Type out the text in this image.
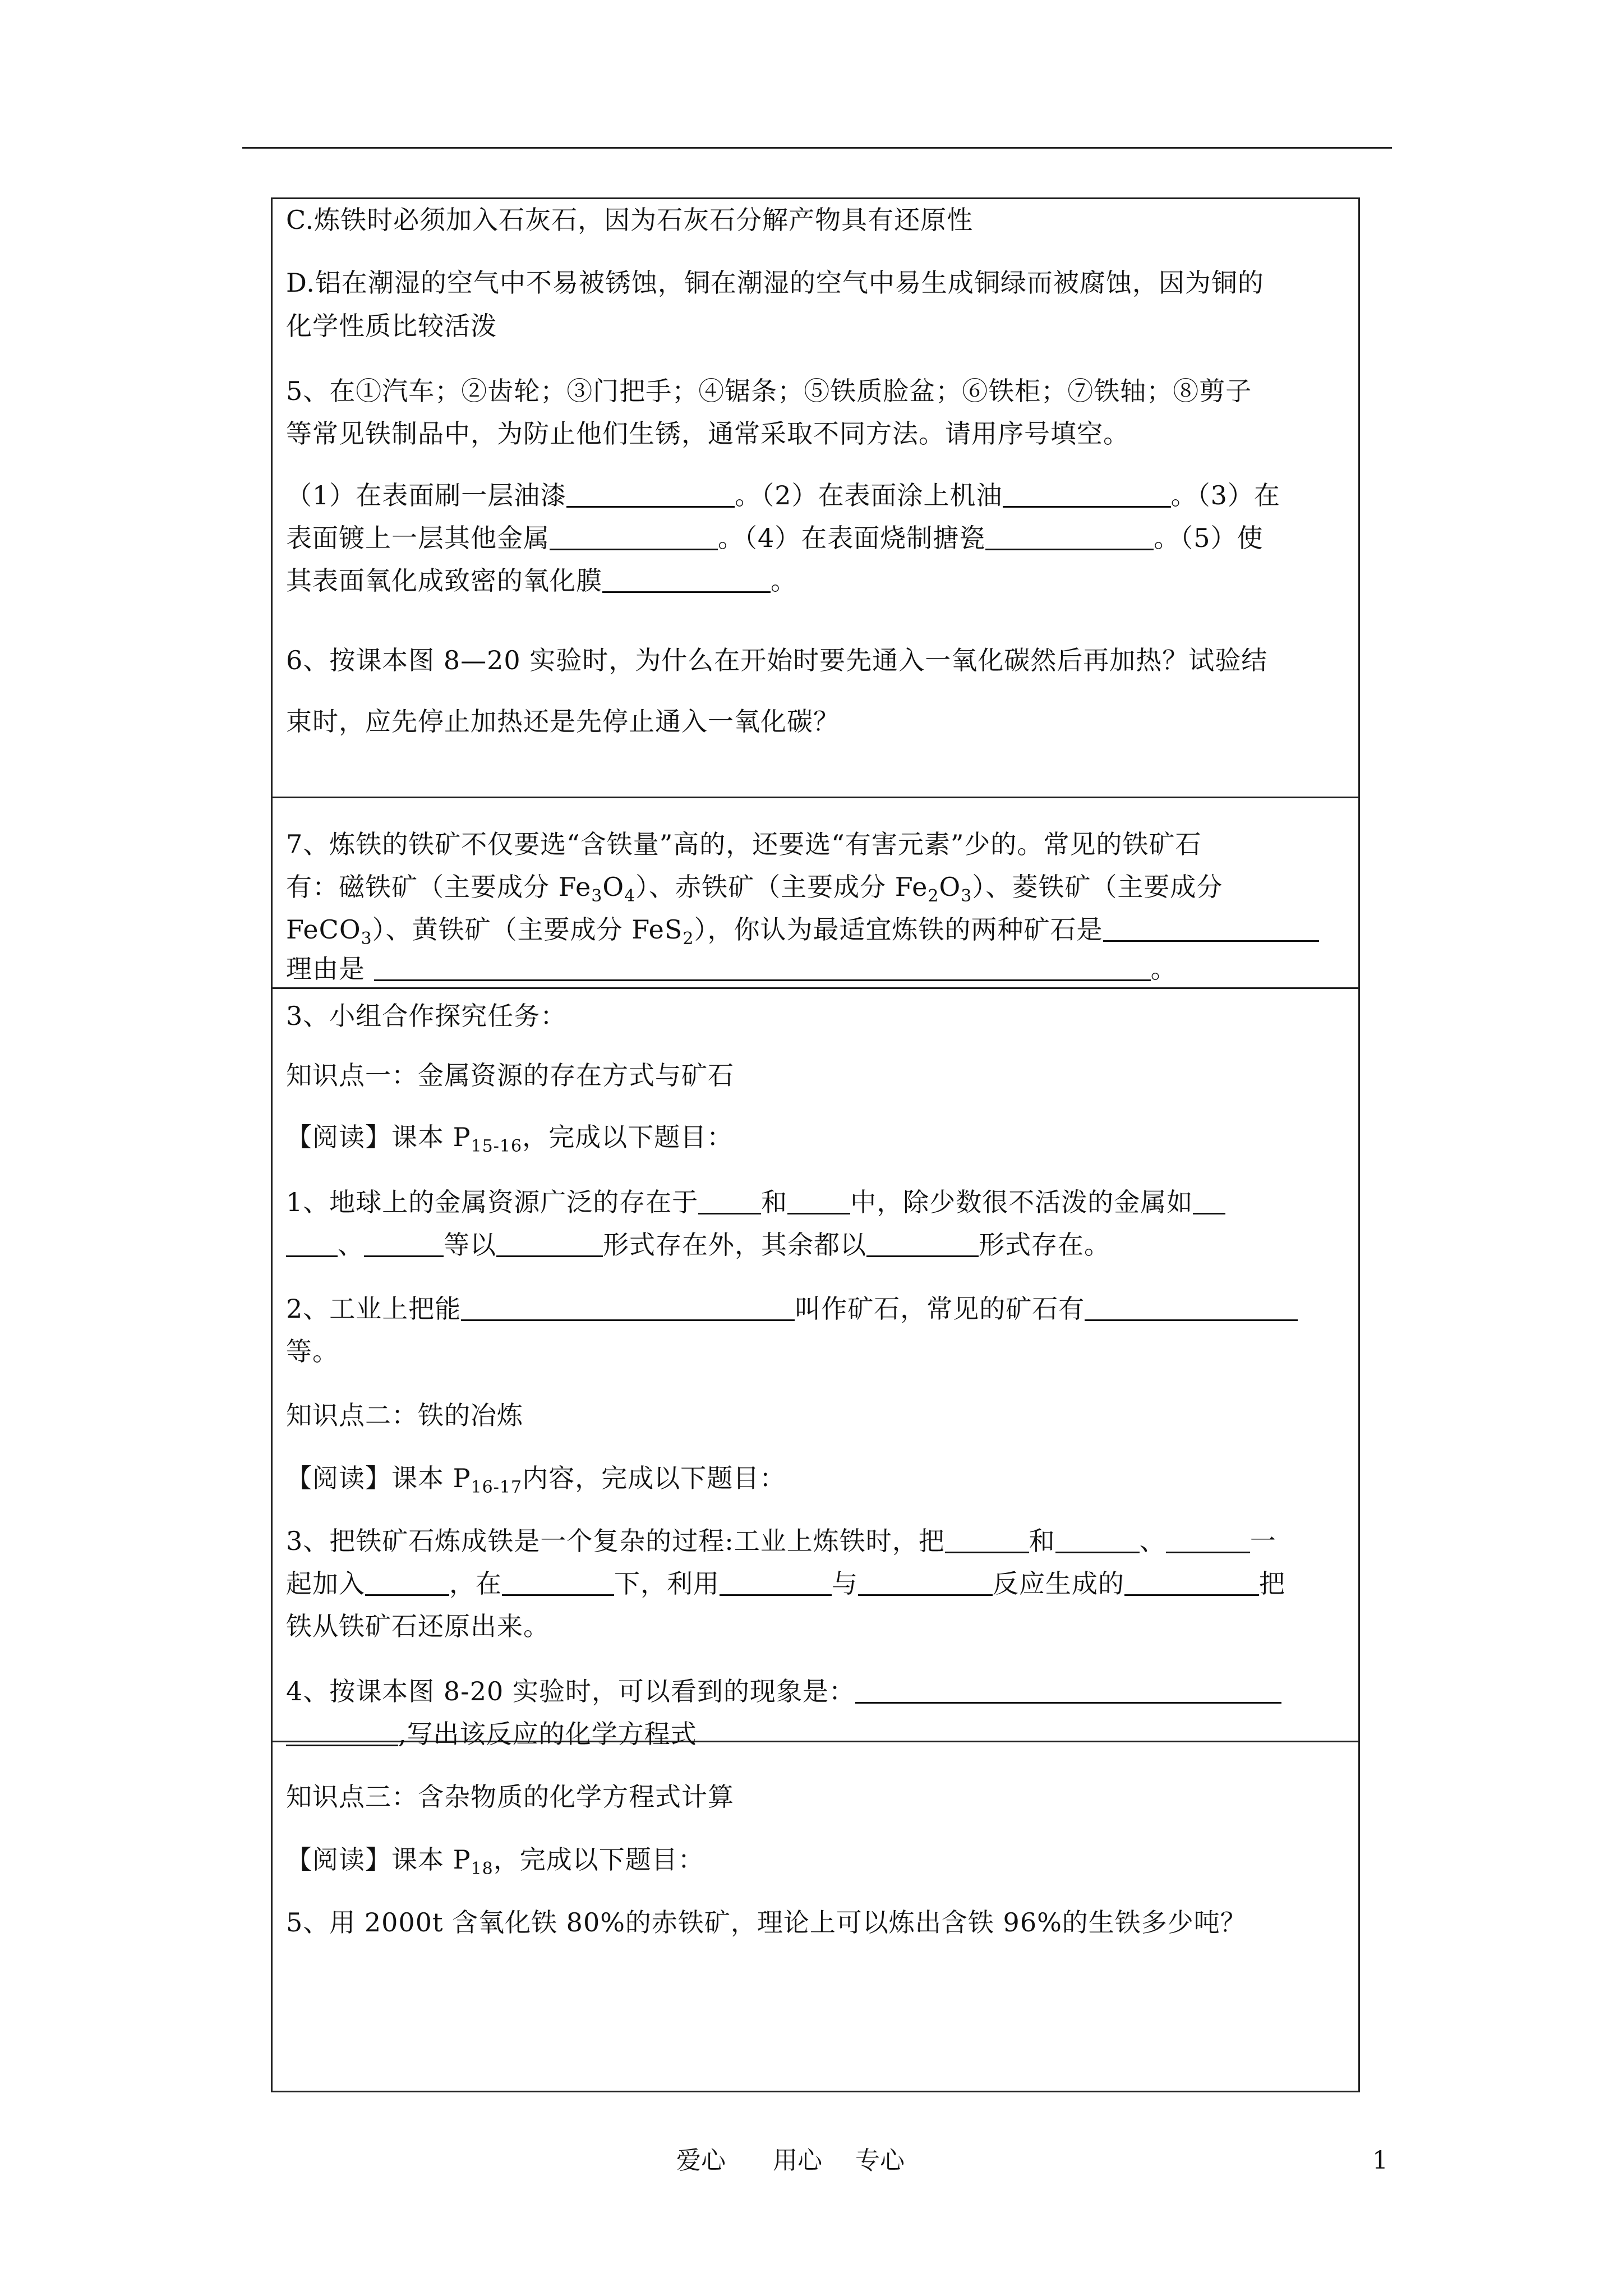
C.炼铁时必须加入石灰石，因为石灰石分解产物具有还原性
D.铝在潮湿的空气中不易被锈蚀，铜在潮湿的空气中易生成铜绿而被腐蚀，因为铜的
化学性质比较活泼
5、在①汽车；②齿轮；③门把手；④锯条；⑤铁质脸盆；⑥铁柜；⑦铁轴；⑧剪子
等常见铁制品中，为防止他们生锈，通常采取不同方法。请用序号填空。
（1）在表面刷一层油漆	。（2）在表面涂上机油	。（3）在
表面镀上一层其他金属	。（4）在表面烧制搪瓷	。（5）使
其表面氧化成致密的氧化膜	。
6、按课本图 8—20 实验时，为什么在开始时要先通入一氧化碳然后再加热？试验结
束时，应先停止加热还是先停止通入一氧化碳？
7、炼铁的铁矿不仅要选“含铁量”高的，还要选“有害元素”少的。常见的铁矿石
有：磁铁矿（主要成分 $Fe_3O_4$）、赤铁矿（主要成分 $Fe_2O_3$）、菱铁矿（主要成分
FeCO$_3$）、黄铁矿（主要成分 FeS$_2$），你认为最适宜炼铁的两种矿石是
理由是	。
3、小组合作探究任务：
知识点一：金属资源的存在方式与矿石
【阅读】课本 $P_{15-16}$，完成以下题目：
1、地球上的金属资源广泛的存在于 和 中，除少数很不活泼的金属如
、	等以	形式存在外，其余都以	形式存在。
2、工业上把能	叫作矿石，常见的矿石有
等。
知识点二：铁的冶炼
【阅读】课本 $P_{16-17}$内容，完成以下题目：
3、把铁矿石炼成铁是一个复杂的过程:工业上炼铁时，把	和	、	一
起加入	，在	下，利用	与	反应生成的	把
铁从铁矿石还原出来。
4、按课本图 8-20 实验时，可以看到的现象是：
,写出该反应的化学方程式
知识点三：含杂物质的化学方程式计算
【阅读】课本 $P_{18}$，完成以下题目：
5、用 2000t 含氧化铁 80%的赤铁矿，理论上可以炼出含铁 96%的生铁多少吨？
爱心 用心 专心	1
